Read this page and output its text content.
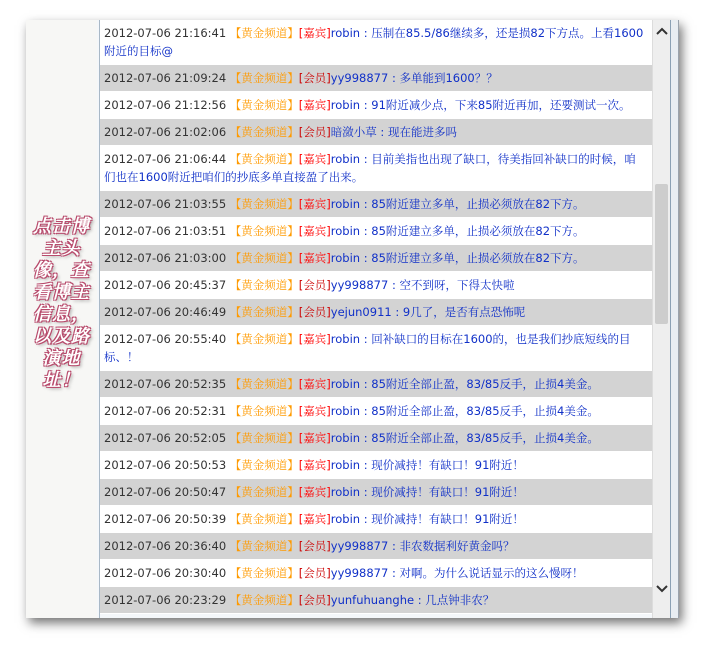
点击博主头像，查看博主信息，以及路演地址！
2012-07-06 21:16:41 【黄金频道】[嘉宾]robin : 压制在85.5/86继续多，还是损82下方点。上看1600附近的目标@
2012-07-06 21:09:24 【黄金频道】[会员]yy998877 : 多单能到1600？？
2012-07-06 21:12:56 【黄金频道】[嘉宾]robin : 91附近减少点，下来85附近再加，还要测试一次。
2012-07-06 21:02:06 【黄金频道】[会员]暗潋小草 : 现在能进多吗
2012-07-06 21:06:44 【黄金频道】[嘉宾]robin : 目前美指也出现了缺口，待美指回补缺口的时候，咱们也在1600附近把咱们的抄底多单直接盈了出来。
2012-07-06 21:03:55 【黄金频道】[嘉宾]robin : 85附近建立多单，止损必须放在82下方。
2012-07-06 21:03:51 【黄金频道】[嘉宾]robin : 85附近建立多单，止损必须放在82下方。
2012-07-06 21:03:00 【黄金频道】[嘉宾]robin : 85附近建立多单，止损必须放在82下方。
2012-07-06 20:45:37 【黄金频道】[会员]yy998877 : 空不到呀，下得太快啦
2012-07-06 20:46:49 【黄金频道】[会员]yejun0911 : 9几了，是否有点恐怖呢
2012-07-06 20:55:40 【黄金频道】[嘉宾]robin : 回补缺口的目标在1600的，也是我们抄底短线的目标、！
2012-07-06 20:52:35 【黄金频道】[嘉宾]robin : 85附近全部止盈，83/85反手，止损4美金。
2012-07-06 20:52:31 【黄金频道】[嘉宾]robin : 85附近全部止盈，83/85反手，止损4美金。
2012-07-06 20:52:05 【黄金频道】[嘉宾]robin : 85附近全部止盈，83/85反手，止损4美金。
2012-07-06 20:50:53 【黄金频道】[嘉宾]robin : 现价减持！有缺口！91附近！
2012-07-06 20:50:47 【黄金频道】[嘉宾]robin : 现价减持！有缺口！91附近！
2012-07-06 20:50:39 【黄金频道】[嘉宾]robin : 现价减持！有缺口！91附近！
2012-07-06 20:36:40 【黄金频道】[会员]yy998877 : 非农数据利好黄金吗？
2012-07-06 20:30:40 【黄金频道】[会员]yy998877 : 对啊。为什么说话显示的这么慢呀！
2012-07-06 20:23:29 【黄金频道】[会员]yunfuhuanghe : 几点钟非农？
